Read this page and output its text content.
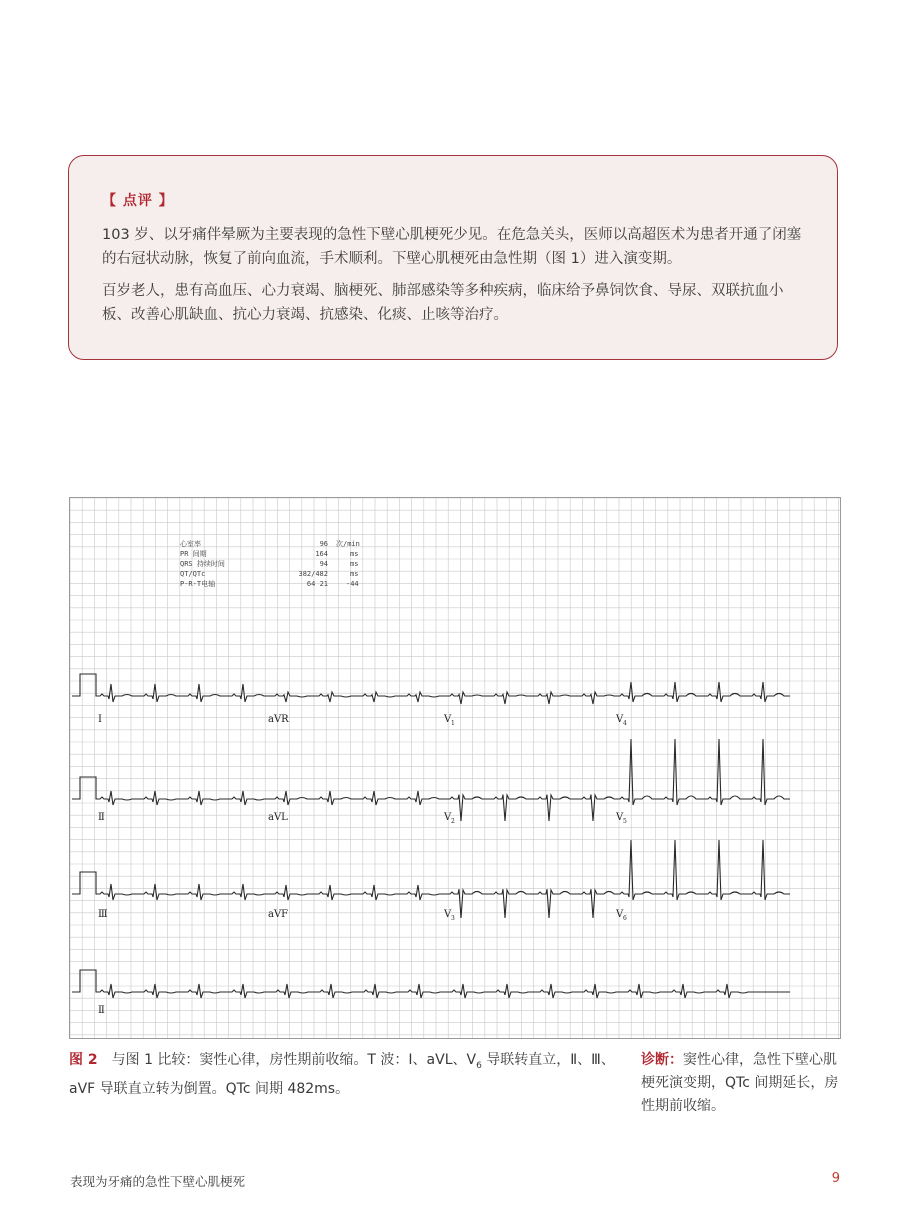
【 点评 】

103 岁、以牙痛伴晕厥为主要表现的急性下壁心肌梗死少见。在危急关头，医师以高超医术为患者开通了闭塞的右冠状动脉，恢复了前向血流，手术顺利。下壁心肌梗死由急性期（图 1）进入演变期。

百岁老人，患有高血压、心力衰竭、脑梗死、肺部感染等多种疾病，临床给予鼻饲饮食、导尿、双联抗血小板、改善心肌缺血、抗心力衰竭、抗感染、化痰、止咳等治疗。

心室率	96 次/min
PR 间期	164	ms
QRS 持续时间	94	ms
QT/QTc	382/482	ms
P-R-T电轴	64 21	-44
Ⅰ	aVR	V 1	V 4
Ⅱ	aVL	V 2	V 5
Ⅲ	aVF	V 3	V 6
Ⅱ
图 2 与图 1 比较：窦性心律，房性期前收缩。T 波：Ⅰ、aVL、$V_6$ 导联转直立，Ⅱ、Ⅲ、aVF 导联直立转为倒置。QTc 间期 482ms。
诊断：窦性心律，急性下壁心肌梗死演变期，QTc 间期延长，房性期前收缩。
表现为牙痛的急性下壁心肌梗死	9
